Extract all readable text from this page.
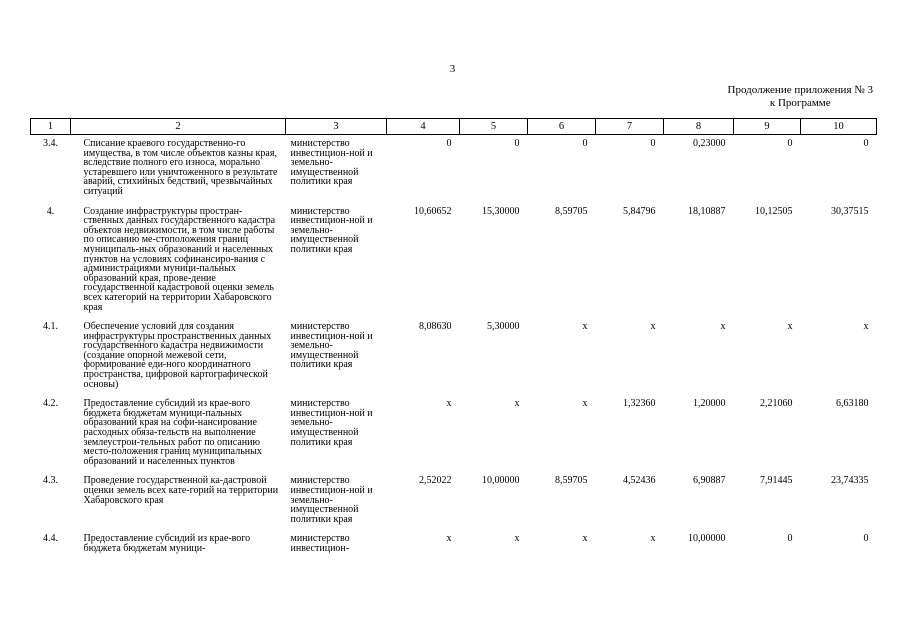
3
Продолжение приложения № 3
к Программе
1	2	3	4	5	6	7	8	9	10
3.4.	Списание краевого государственно-го имущества, в том числе объектов казны края, вследствие полного его износа, морально устаревшего или уничтоженного в результате аварий, стихийных бедствий, чрезвычайных ситуаций	министерство инвестицион-ной и земельно-имущественной политики края	0	0	0	0	0,23000	0	0
4.	Создание инфраструктуры простран-ственных данных государственного кадастра объектов недвижимости, в том числе работы по описанию ме-стоположения границ муниципаль-ных образований и населенных пунктов на условиях софинансиро-вания с администрациями муници-пальных образований края, прове-дение государственной кадастровой оценки земель всех категорий на территории Хабаровского края	министерство инвестицион-ной и земельно-имущественной политики края	10,60652	15,30000	8,59705	5,84796	18,10887	10,12505	30,37515
4.1.	Обеспечение условий для создания инфраструктуры пространственных данных государственного кадастра недвижимости (создание опорной межевой сети, формирование еди-ного координатного пространства, цифровой картографической основы)	министерство инвестицион-ной и земельно-имущественной политики края	8,08630	5,30000	x	x	x	x	x
4.2.	Предоставление субсидий из крае-вого бюджета бюджетам муници-пальных образований края на софи-нансирование расходных обяза-тельств на выполнение землеустрои-тельных работ по описанию место-положения границ муниципальных образований и населенных пунктов	министерство инвестицион-ной и земельно-имущественной политики края	x	x	x	1,32360	1,20000	2,21060	6,63180
4.3.	Проведение государственной ка-дастровой оценки земель всех кате-горий на территории Хабаровского края	министерство инвестицион-ной и земельно-имущественной политики края	2,52022	10,00000	8,59705	4,52436	6,90887	7,91445	23,74335
4.4.	Предоставление субсидий из крае-вого бюджета бюджетам муници-	министерство инвестицион-	x	x	x	x	10,00000	0	0
